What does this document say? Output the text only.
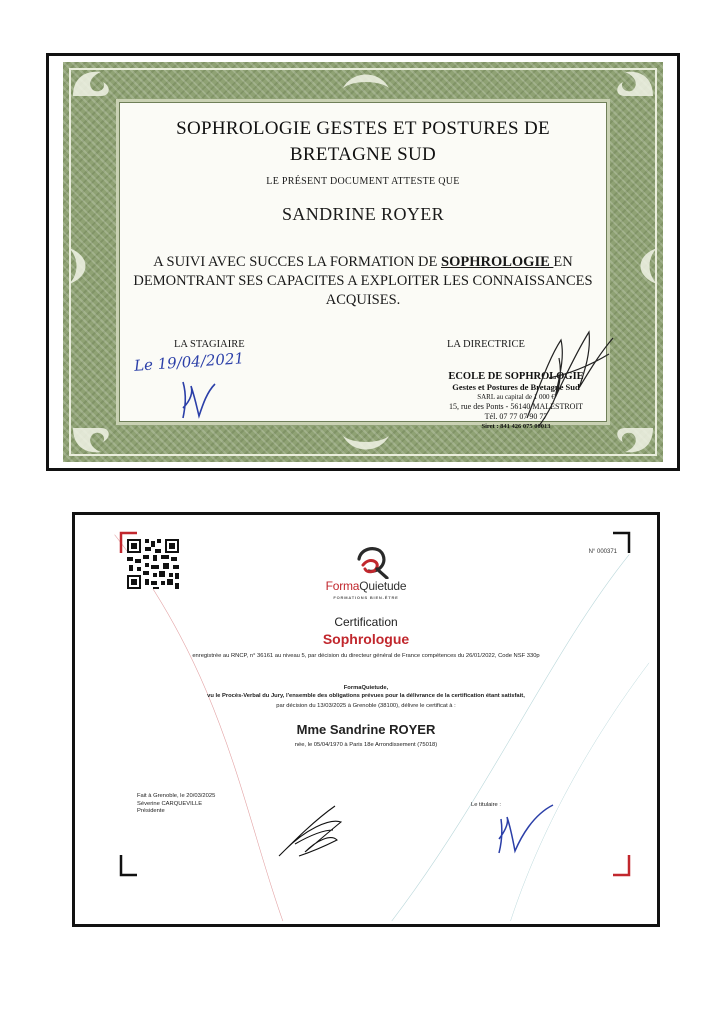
SOPHROLOGIE GESTES ET POSTURES DE
BRETAGNE SUD
LE PRÉSENT DOCUMENT ATTESTE QUE
SANDRINE ROYER
A SUIVI AVEC SUCCES LA FORMATION DE SOPHROLOGIE EN DEMONTRANT SES CAPACITES A EXPLOITER LES CONNAISSANCES ACQUISES.
LA STAGIAIRE	LA DIRECTRICE
Le 19/04/2021
ECOLE DE SOPHROLOGIE
Gestes et Postures de Bretagne Sud
SARL au capital de 1 000 €
15, rue des Ponts - 56140 MALESTROIT
Tél. 07 77 07 90 77
Siret : 841 426 075 00013
N° 000371
FormaQuietude
FORMATIONS BIEN-ÊTRE
Certification
Sophrologue
enregistrée au RNCP, n° 36161 au niveau 5, par décision du directeur général de France compétences du 26/01/2022, Code NSF 330p
FormaQuietude,
vu le Procès-Verbal du Jury, l'ensemble des obligations prévues pour la délivrance de la certification étant satisfait,
par décision du 13/03/2025 à Grenoble (38100), délivre le certificat à :
Mme Sandrine ROYER
née, le 05/04/1970 à Paris 18e Arrondissement (75018)
Fait à Grenoble, le 20/03/2025
Séverine CARQUEVILLE
Présidente
Le titulaire :
